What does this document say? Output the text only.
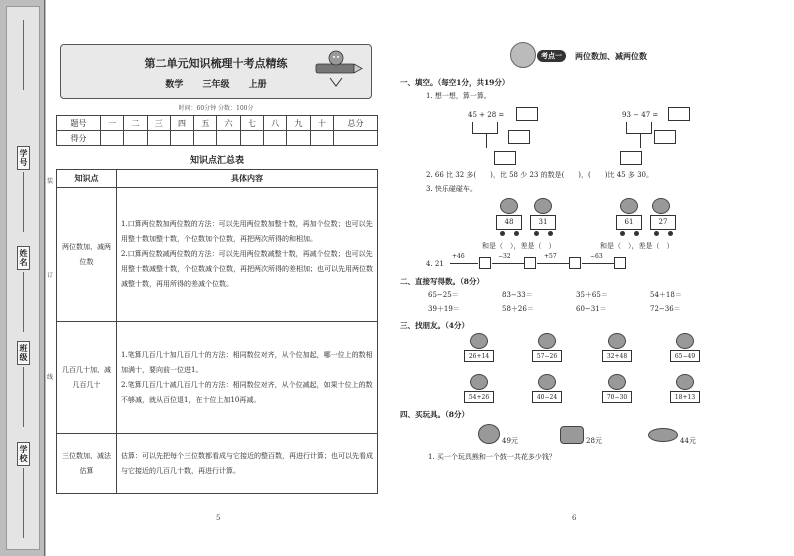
学号
姓名
班级
学校
装
订
线
第二单元知识梳理十考点精练
数学 三年级 上册
时间：60分钟 分数：100分
题号	一	二	三	四	五	六	七	八	九	十	总分
得分											
知识点汇总表
知识点	具体内容
两位数加、减两位数	1.口算两位数加两位数的方法：可以先用两位数加整十数，再加个位数；也可以先用整十数加整十数，个位数加个位数，再把两次所得的和相加。
2.口算两位数减两位数的方法：可以先用两位数减整十数，再减个位数；也可以先用整十数减整十数，个位数减个位数，再把两次所得的差相加；也可以先用两位数减整十数，再用所得的差减个位数。
几百几十加、减几百几十	1.笔算几百几十加几百几十的方法：相同数位对齐，从个位加起，哪一位上的数相加满十，要向前一位进1。
2.笔算几百几十减几百几十的方法：相同数位对齐，从个位减起，如果十位上的数不够减，就从百位退1，在十位上加10再减。
三位数加、减法估算	估算：可以先把每个三位数都看成与它接近的整百数，再进行计算；也可以先看成与它接近的几百几十数，再进行计算。
5
考点一	两位数加、减两位数
一、填空。（每空1分，共19分）
1. 想一想，算一算。
45 + 28 =	93 − 47 =
2. 66 比 32 多(　　)，比 58 少 23 的数是(　　)，(　　)比 45 多 30。
3. 快乐碰碰车。
48	31	61	27
和是（　），差是（　）	和是（　），差是（　）
4. 21
+46	−32	+57	−63
二、直接写得数。（8分）
65−25＝	83−33＝	35＋65＝	54＋18＝
39＋19＝	58＋26＝	60−31＝	72−36＝
三、找朋友。（4分）
26+14	57−26	32+48	65−49
54+26	40−24	70−30	18+13
四、买玩具。（8分）
49元	28元	44元
1. 买一个玩具熊和一个鼓一共花多少钱？
6
